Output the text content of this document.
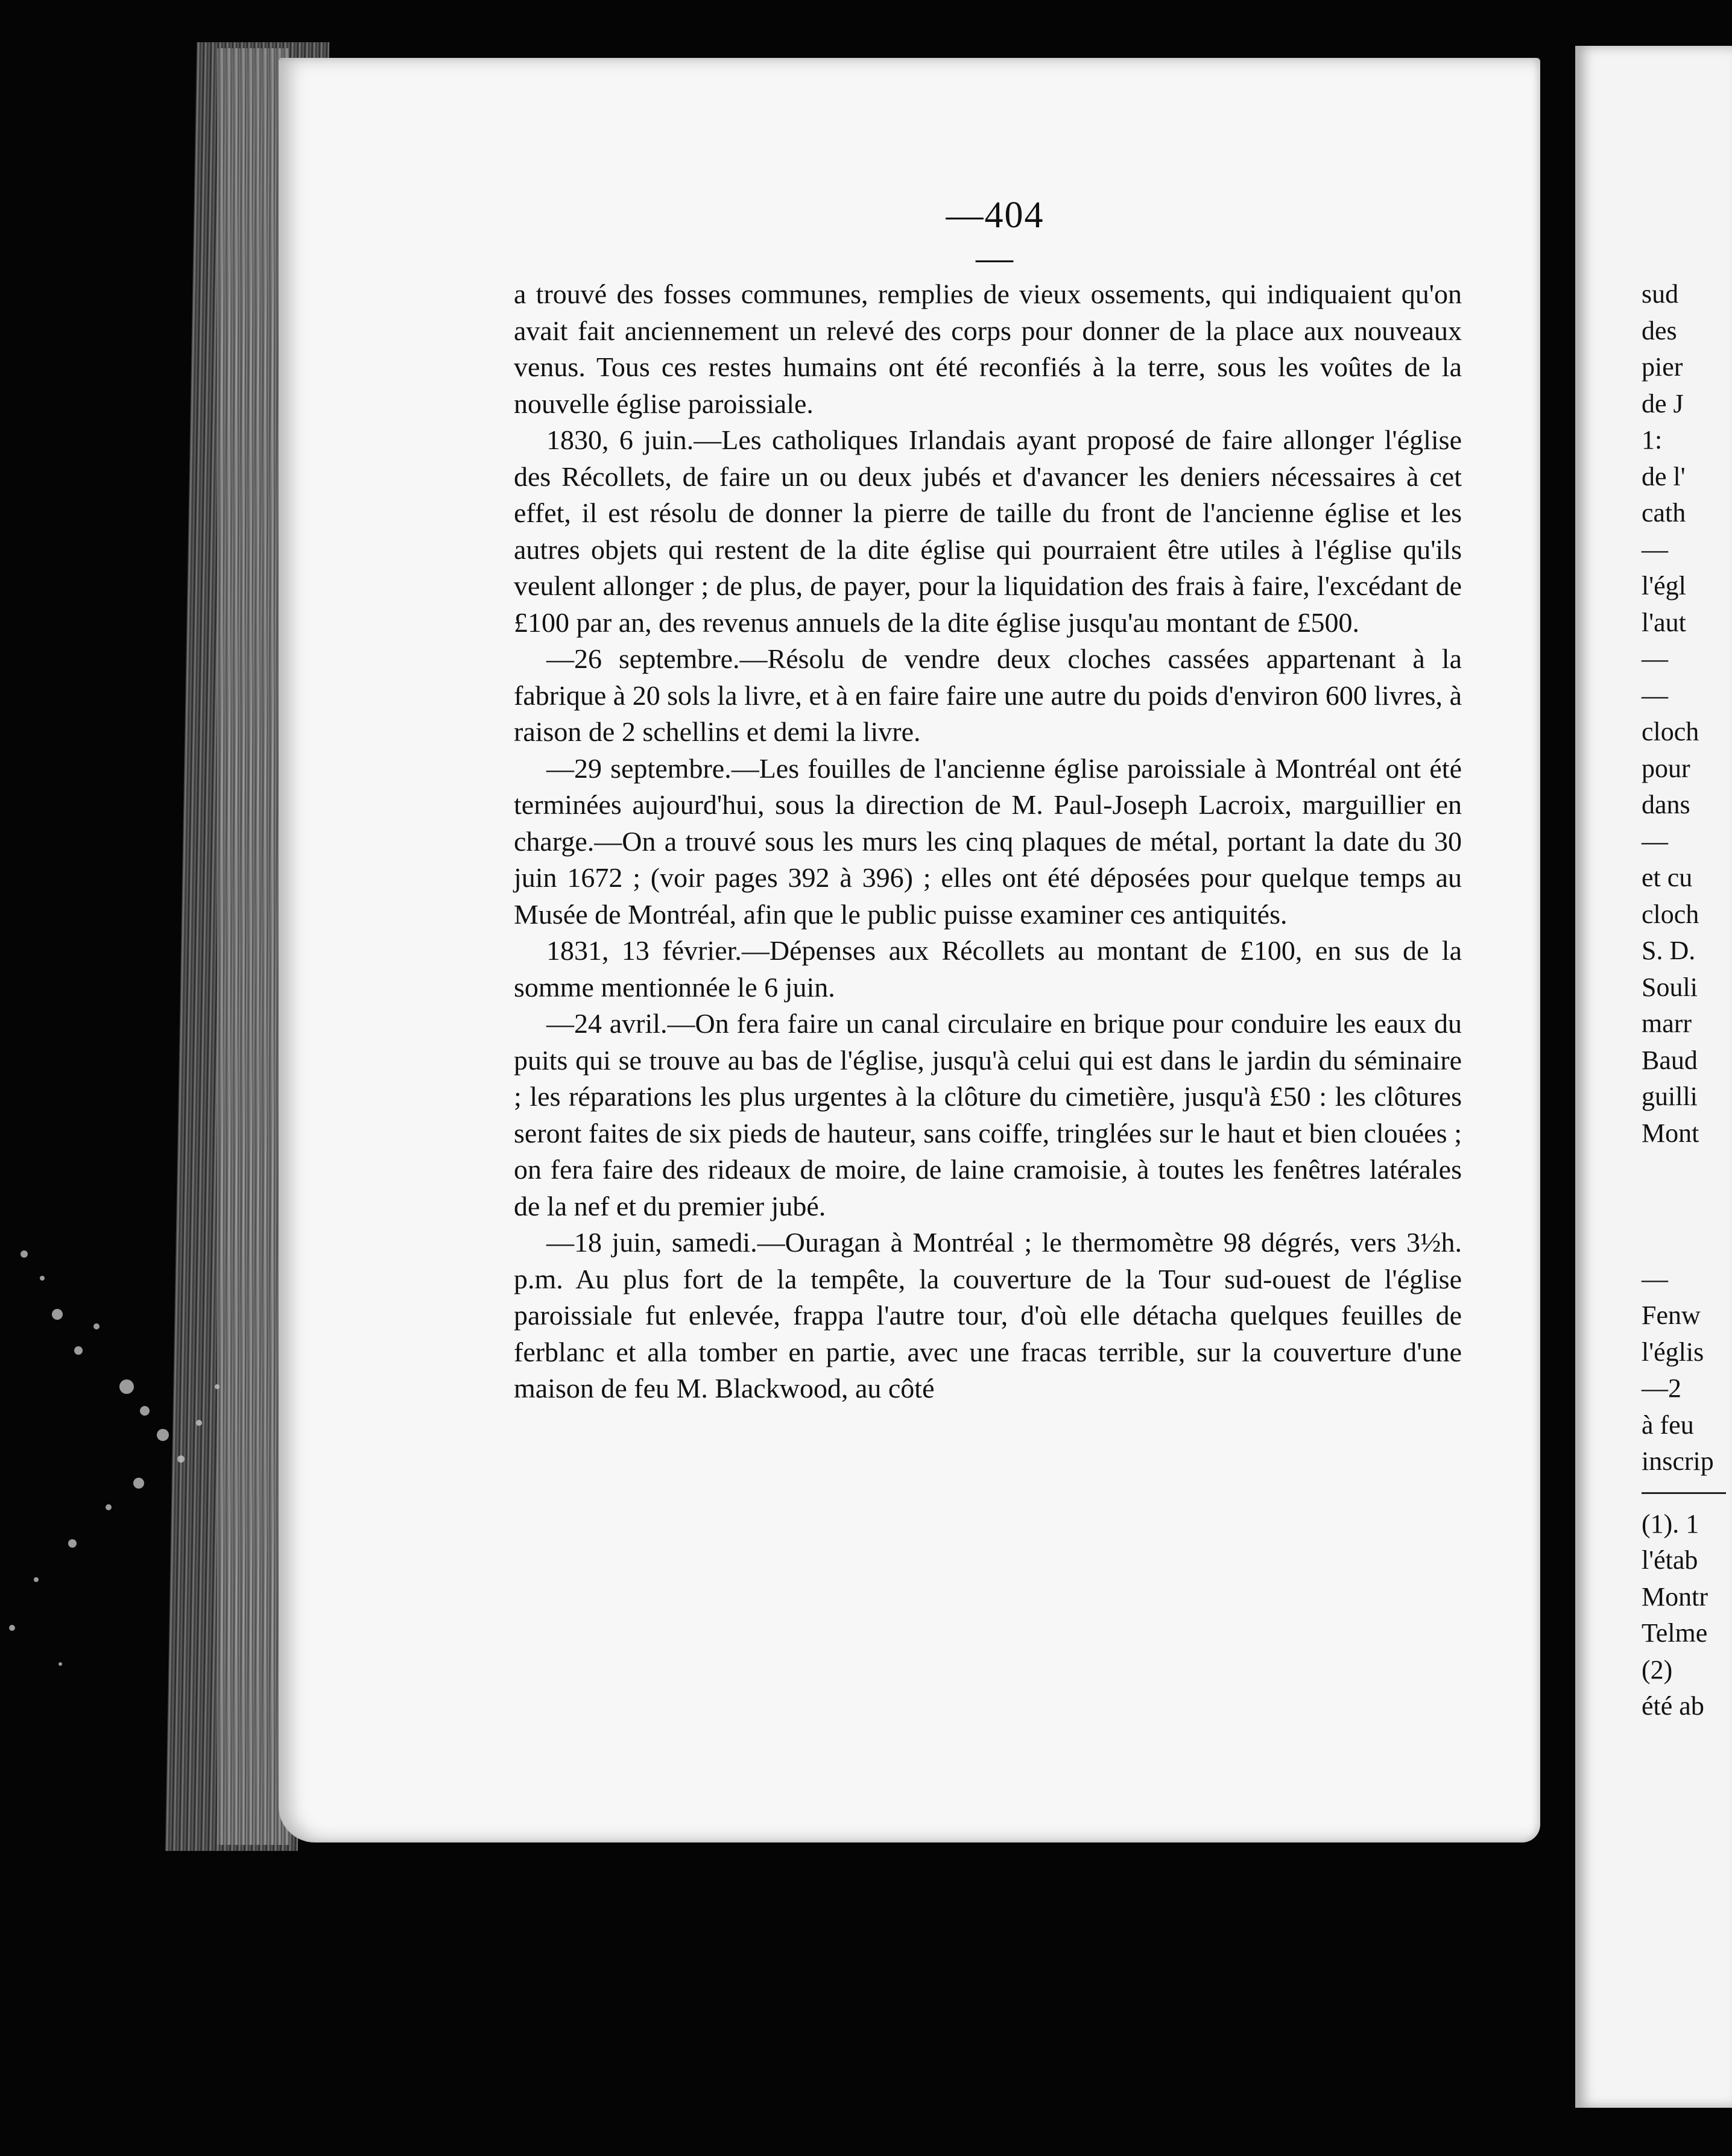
—404—

a trouvé des fosses communes, remplies de vieux ossements, qui indiquaient qu'on avait fait anciennement un relevé des corps pour donner de la place aux nouveaux venus. Tous ces restes humains ont été reconfiés à la terre, sous les voûtes de la nouvelle église paroissiale.

1830, 6 juin.—Les catholiques Irlandais ayant proposé de faire allonger l'église des Récollets, de faire un ou deux jubés et d'avancer les deniers nécessaires à cet effet, il est résolu de donner la pierre de taille du front de l'ancienne église et les autres objets qui restent de la dite église qui pourraient être utiles à l'église qu'ils veulent allonger ; de plus, de payer, pour la liquidation des frais à faire, l'excédant de £100 par an, des revenus annuels de la dite église jusqu'au montant de £500.

—26 septembre.—Résolu de vendre deux cloches cassées appartenant à la fabrique à 20 sols la livre, et à en faire faire une autre du poids d'environ 600 livres, à raison de 2 schellins et demi la livre.

—29 septembre.—Les fouilles de l'ancienne église paroissiale à Montréal ont été terminées aujourd'hui, sous la direction de M. Paul-Joseph Lacroix, marguillier en charge.—On a trouvé sous les murs les cinq plaques de métal, portant la date du 30 juin 1672 ; (voir pages 392 à 396) ; elles ont été déposées pour quelque temps au Musée de Montréal, afin que le public puisse examiner ces antiquités.

1831, 13 février.—Dépenses aux Récollets au montant de £100, en sus de la somme mentionnée le 6 juin.

—24 avril.—On fera faire un canal circulaire en brique pour conduire les eaux du puits qui se trouve au bas de l'église, jusqu'à celui qui est dans le jardin du séminaire ; les réparations les plus urgentes à la clôture du cimetière, jusqu'à £50 : les clôtures seront faites de six pieds de hauteur, sans coiffe, tringlées sur le haut et bien clouées ; on fera faire des rideaux de moire, de laine cramoisie, à toutes les fenêtres latérales de la nef et du premier jubé.

—18 juin, samedi.—Ouragan à Montréal ; le thermomètre 98 dégrés, vers 3½h. p.m. Au plus fort de la tempête, la couverture de la Tour sud-ouest de l'église paroissiale fut enlevée, frappa l'autre tour, d'où elle détacha quelques feuilles de ferblanc et alla tomber en partie, avec une fracas terrible, sur la couverture d'une maison de feu M. Blackwood, au côté

sud
des
pier
de J
1:
de l'
cath
—
l'égl
l'aut
—
—
cloch
pour
dans
—
et cu
cloch
S. D.
Souli
marr
Baud
guilli
Mont
—
Fenw
l'églis
—2
à feu
inscrip
(1). 1
l'étab
Montr
Telme
(2)
été ab
